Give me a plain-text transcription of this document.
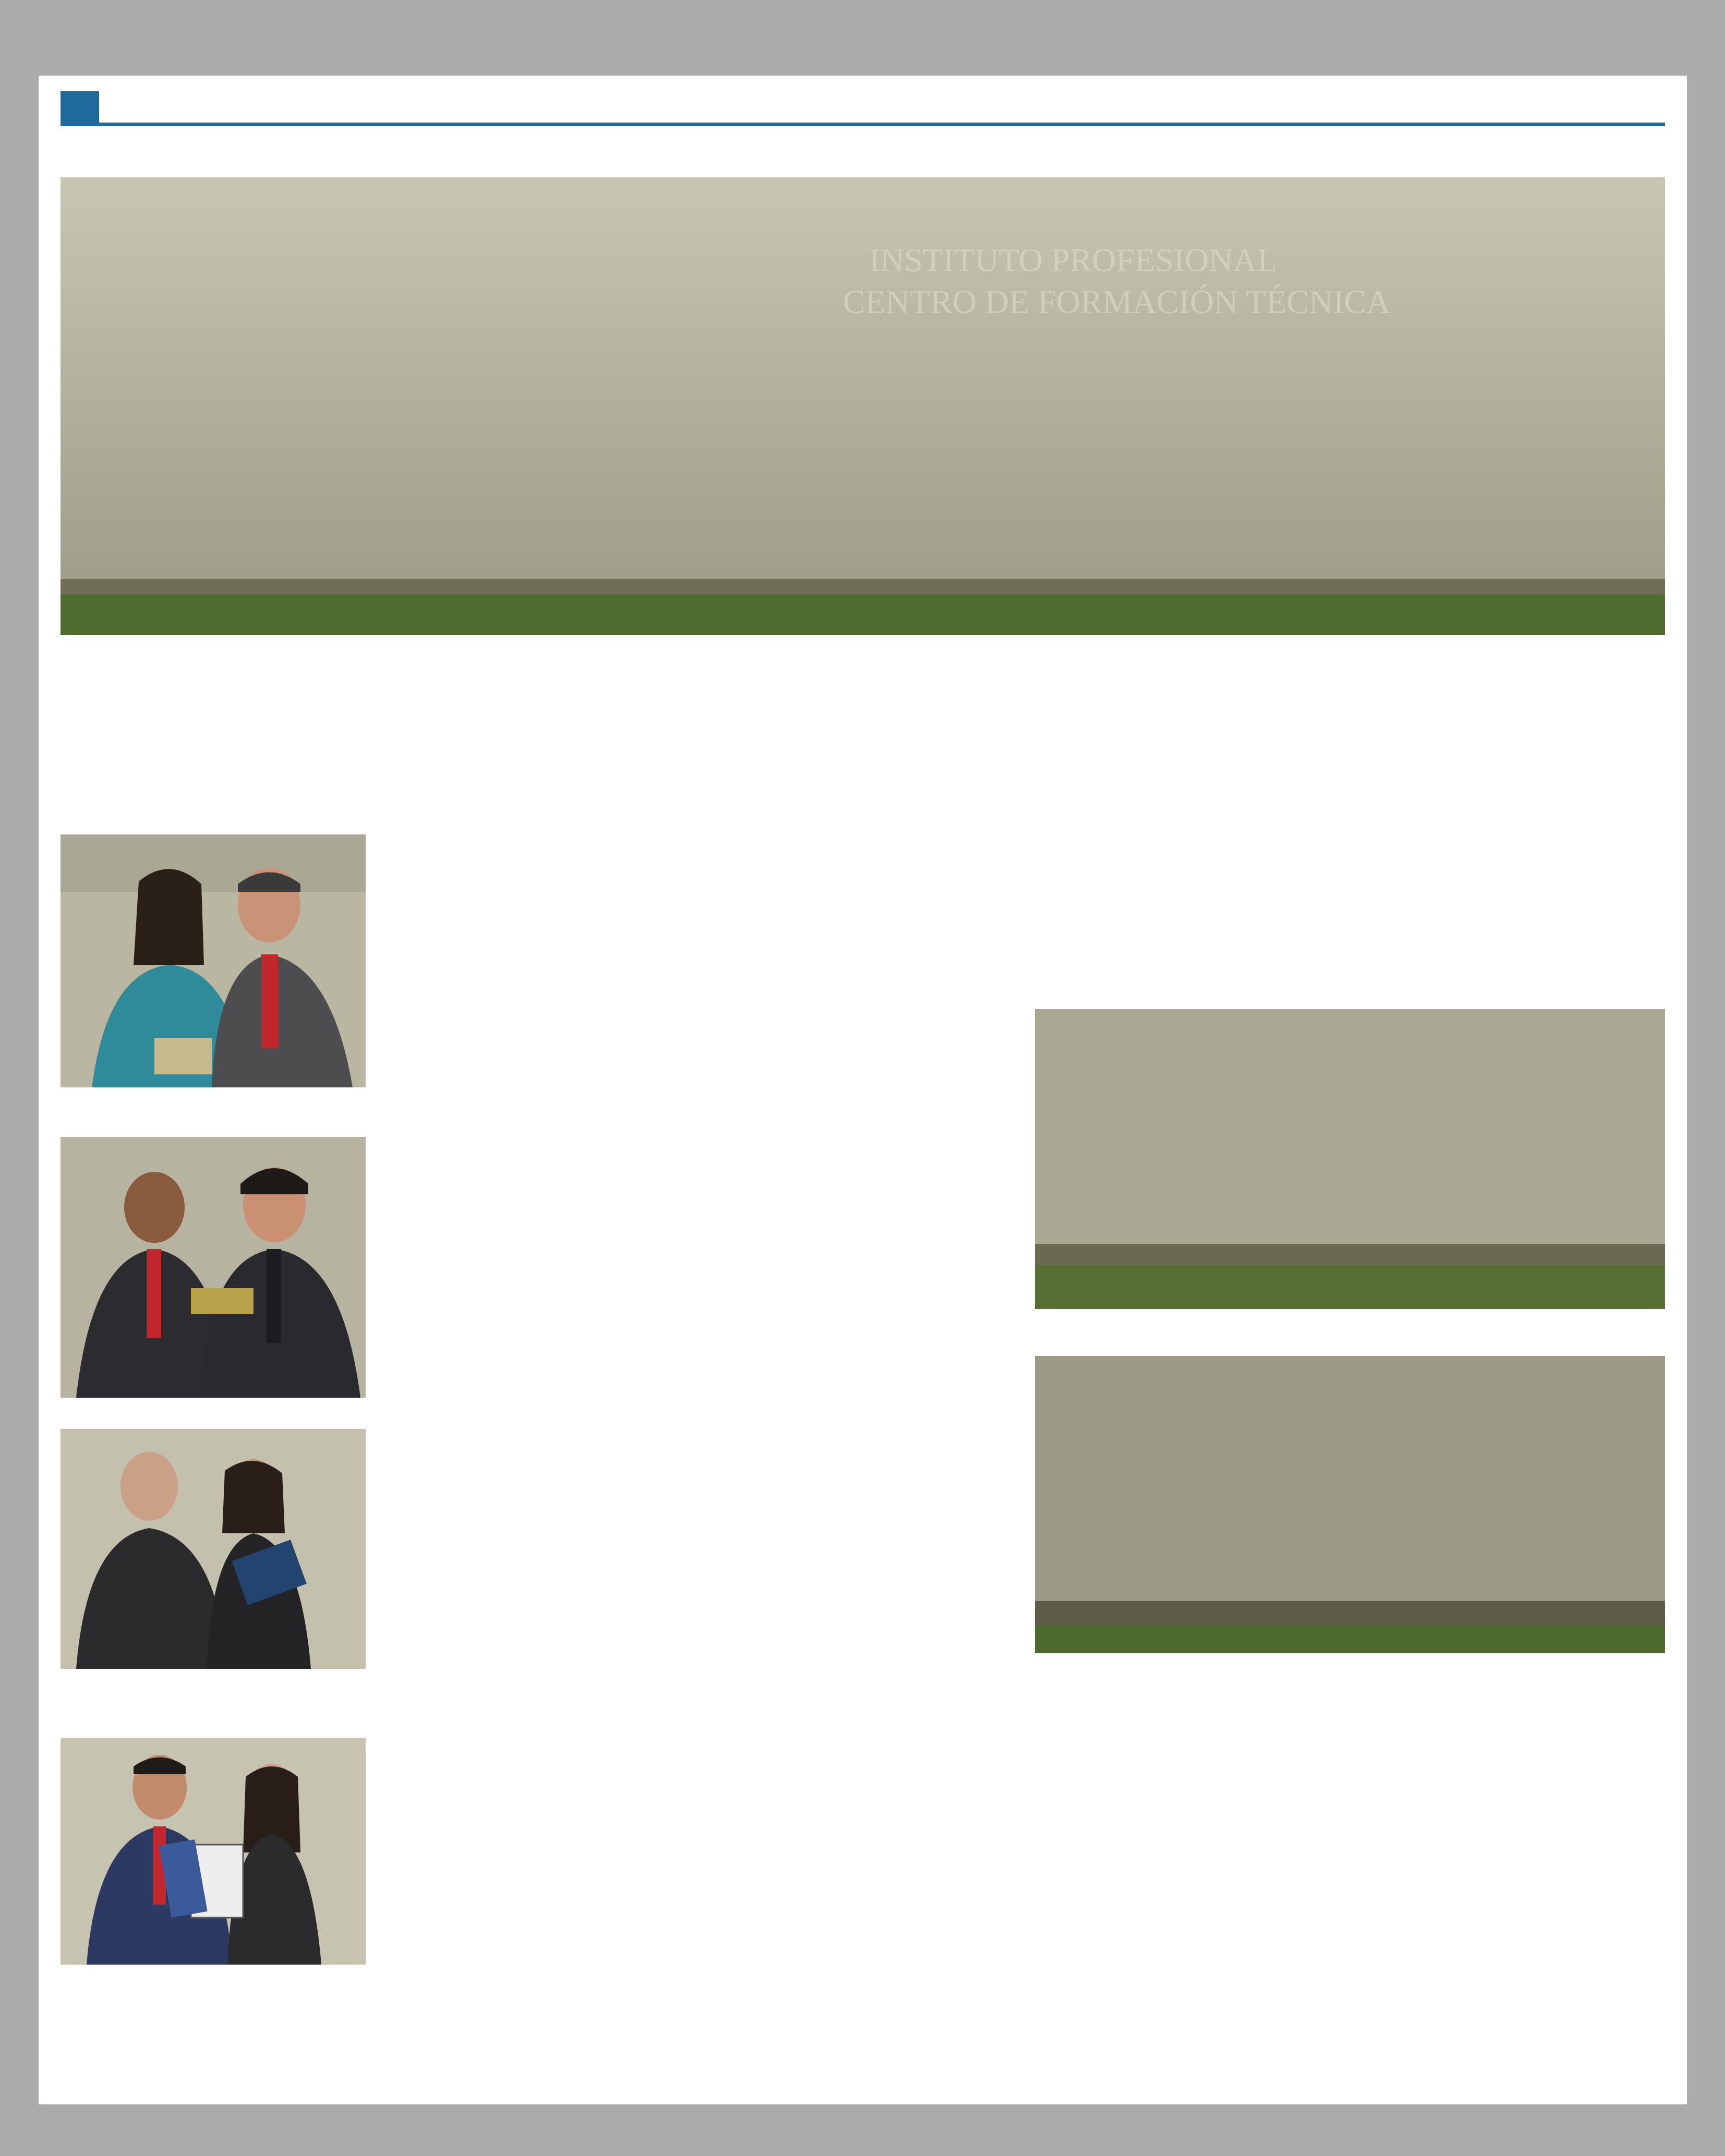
INSTITUTO PROFESIONAL
CENTRO DE FORMACIÓN TÉCNICA
